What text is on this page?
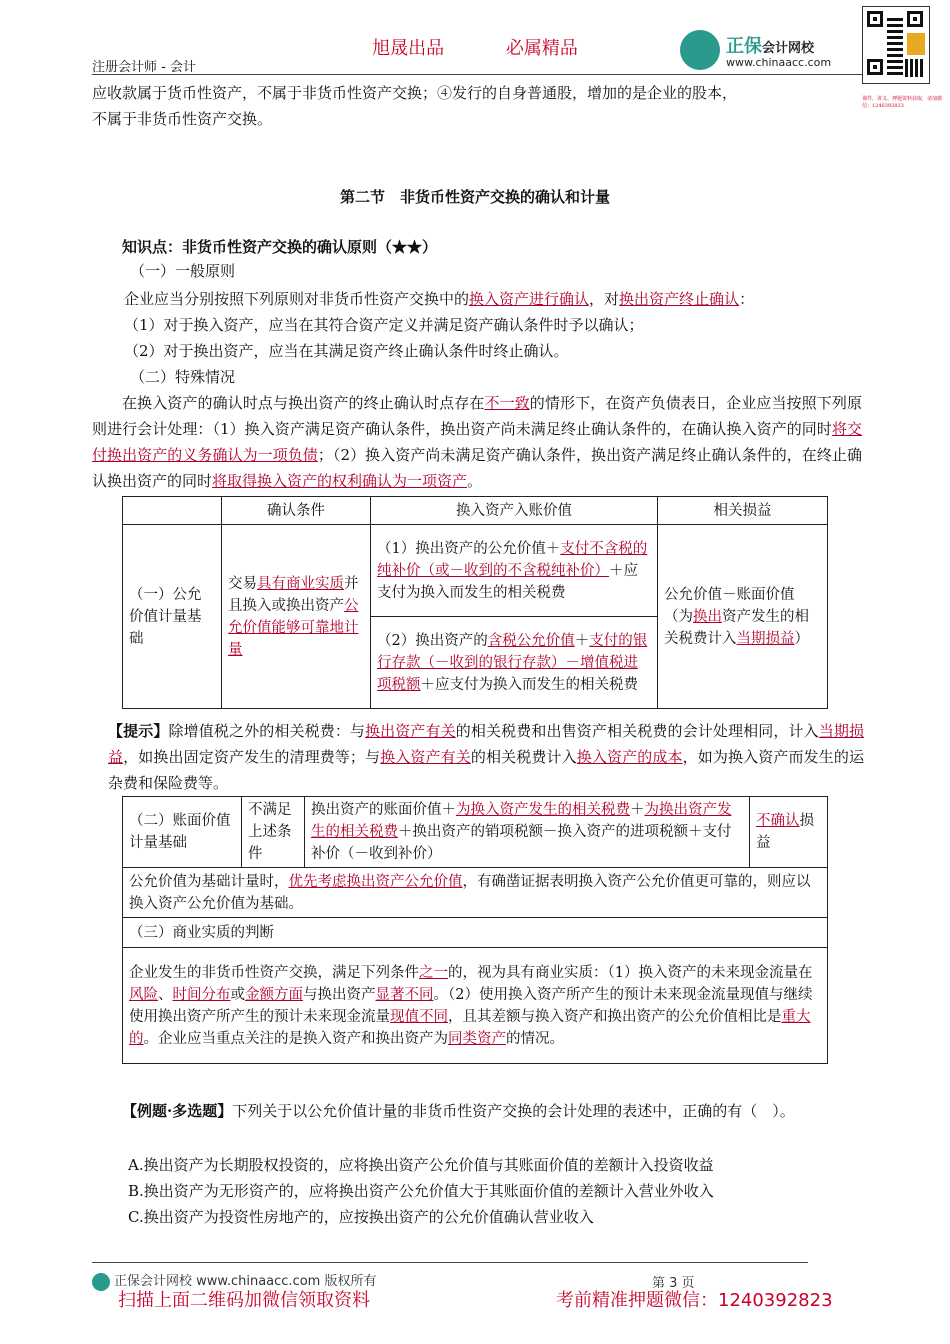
旭晟出品	必属精品
注册会计师 - 会计
正保会计网校
www.chinaacc.com
课件、讲义、押题资料获取，请加微信：1240392823
应收款属于货币性资产，不属于非货币性资产交换；④发行的自身普通股，增加的是企业的股本，
不属于非货币性资产交换。
第二节　非货币性资产交换的确认和计量
知识点：非货币性资产交换的确认原则（★★）
（一）一般原则
企业应当分别按照下列原则对非货币性资产交换中的换入资产进行确认，对换出资产终止确认：
（1）对于换入资产，应当在其符合资产定义并满足资产确认条件时予以确认；
（2）对于换出资产，应当在其满足资产终止确认条件时终止确认。
（二）特殊情况
在换入资产的确认时点与换出资产的终止确认时点存在不一致的情形下，在资产负债表日，企业应当按照下列原则进行会计处理：（1）换入资产满足资产确认条件，换出资产尚未满足终止确认条件的，在确认换入资产的同时将交付换出资产的义务确认为一项负债；（2）换入资产尚未满足资产确认条件，换出资产满足终止确认条件的，在终止确认换出资产的同时将取得换入资产的权利确认为一项资产。
	确认条件	换入资产入账价值	相关损益
（一）公允价值计量基础	交易具有商业实质并且换入或换出资产公允价值能够可靠地计量	（1）换出资产的公允价值＋支付不含税的纯补价（或－收到的不含税纯补价）＋应支付为换入而发生的相关税费	公允价值－账面价值（为换出资产发生的相关税费计入当期损益）
		（2）换出资产的含税公允价值＋支付的银行存款（－收到的银行存款）－增值税进项税额＋应支付为换入而发生的相关税费	
【提示】除增值税之外的相关税费：与换出资产有关的相关税费和出售资产相关税费的会计处理相同，计入当期损益，如换出固定资产发生的清理费等；与换入资产有关的相关税费计入换入资产的成本，如为换入资产而发生的运杂费和保险费等。
（二）账面价值计量基础	不满足上述条件	换出资产的账面价值＋为换入资产发生的相关税费＋为换出资产发生的相关税费＋换出资产的销项税额－换入资产的进项税额＋支付补价（－收到补价）	不确认损益
公允价值为基础计量时，优先考虑换出资产公允价值，有确凿证据表明换入资产公允价值更可靠的，则应以换入资产公允价值为基础。
（三）商业实质的判断
企业发生的非货币性资产交换，满足下列条件之一的，视为具有商业实质：（1）换入资产的未来现金流量在风险、时间分布或金额方面与换出资产显著不同。（2）使用换入资产所产生的预计未来现金流量现值与继续使用换出资产所产生的预计未来现金流量现值不同，且其差额与换入资产和换出资产的公允价值相比是重大的。企业应当重点关注的是换入资产和换出资产为同类资产的情况。
【例题·多选题】下列关于以公允价值计量的非货币性资产交换的会计处理的表述中，正确的有（　）。
A.换出资产为长期股权投资的，应将换出资产公允价值与其账面价值的差额计入投资收益
B.换出资产为无形资产的，应将换出资产公允价值大于其账面价值的差额计入营业外收入
C.换出资产为投资性房地产的，应按换出资产的公允价值确认营业收入
正保会计网校 www.chinaacc.com 版权所有	第 3 页
扫描上面二维码加微信领取资料	考前精准押题微信：1240392823
